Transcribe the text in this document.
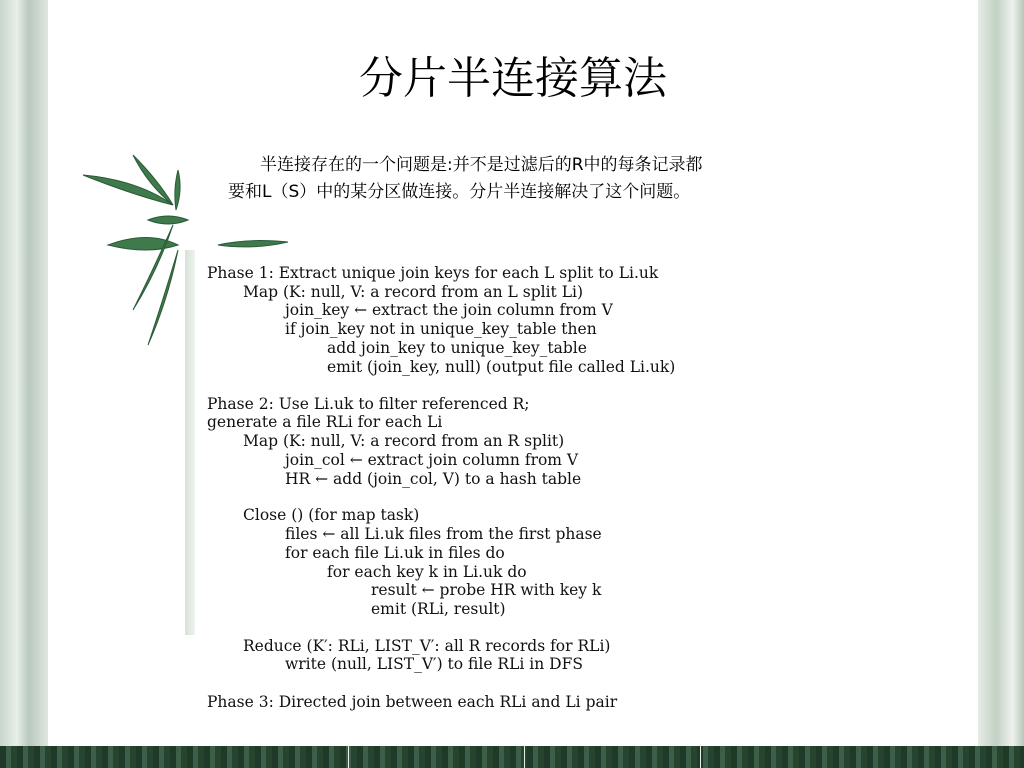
分片半连接算法

半连接存在的一个问题是:并不是过滤后的R中的每条记录都

要和L（S）中的某分区做连接。分片半连接解决了这个问题。

Phase 1: Extract unique join keys for each L split to Li.uk
Map (K: null, V: a record from an L split Li)
join_key ← extract the join column from V
if join_key not in unique_key_table then
add join_key to unique_key_table
emit (join_key, null) (output file called Li.uk)
Phase 2: Use Li.uk to filter referenced R;
generate a file RLi for each Li
Map (K: null, V: a record from an R split)
join_col ← extract join column from V
HR ← add (join_col, V) to a hash table
Close () (for map task)
files ← all Li.uk files from the first phase
for each file Li.uk in files do
for each key k in Li.uk do
result ← probe HR with key k
emit (RLi, result)
Reduce (K′: RLi, LIST_V′: all R records for RLi)
write (null, LIST_V′) to file RLi in DFS
Phase 3: Directed join between each RLi and Li pair
